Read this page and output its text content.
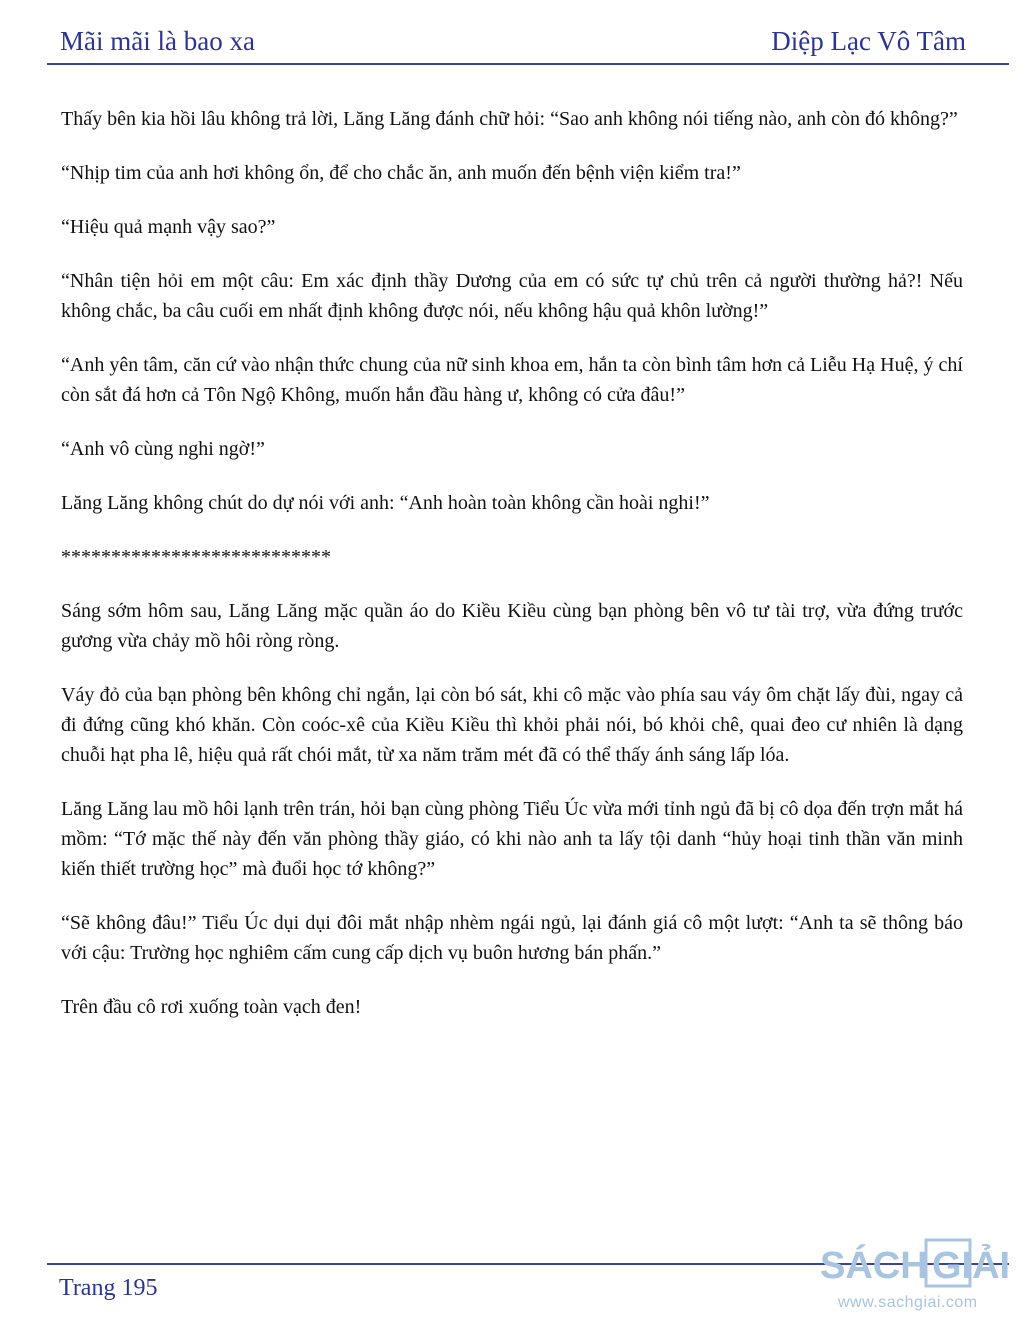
Mãi mãi là bao xa	Diệp Lạc Vô Tâm

Thấy bên kia hồi lâu không trả lời, Lăng Lăng đánh chữ hỏi: “Sao anh không nói tiếng nào, anh còn đó không?”

“Nhịp tim của anh hơi không ổn, để cho chắc ăn, anh muốn đến bệnh viện kiểm tra!”

“Hiệu quả mạnh vậy sao?”

“Nhân tiện hỏi em một câu: Em xác định thầy Dương của em có sức tự chủ trên cả người thường hả?! Nếu không chắc, ba câu cuối em nhất định không được nói, nếu không hậu quả khôn lường!”

“Anh yên tâm, căn cứ vào nhận thức chung của nữ sinh khoa em, hắn ta còn bình tâm hơn cả Liễu Hạ Huệ, ý chí còn sắt đá hơn cả Tôn Ngộ Không, muốn hắn đầu hàng ư, không có cửa đâu!”

“Anh vô cùng nghi ngờ!”

Lăng Lăng không chút do dự nói với anh: “Anh hoàn toàn không cần hoài nghi!”

***************************

Sáng sớm hôm sau, Lăng Lăng mặc quần áo do Kiều Kiều cùng bạn phòng bên vô tư tài trợ, vừa đứng trước gương vừa chảy mồ hôi ròng ròng.

Váy đỏ của bạn phòng bên không chỉ ngắn, lại còn bó sát, khi cô mặc vào phía sau váy ôm chặt lấy đùi, ngay cả đi đứng cũng khó khăn. Còn coóc-xê của Kiều Kiều thì khỏi phải nói, bó khỏi chê, quai đeo cư nhiên là dạng chuỗi hạt pha lê, hiệu quả rất chói mắt, từ xa năm trăm mét đã có thể thấy ánh sáng lấp lóa.

Lăng Lăng lau mồ hôi lạnh trên trán, hỏi bạn cùng phòng Tiểu Úc vừa mới tỉnh ngủ đã bị cô dọa đến trợn mắt há mồm: “Tớ mặc thế này đến văn phòng thầy giáo, có khi nào anh ta lấy tội danh “hủy hoại tinh thần văn minh kiến thiết trường học” mà đuổi học tớ không?”

“Sẽ không đâu!” Tiểu Úc dụi dụi đôi mắt nhập nhèm ngái ngủ, lại đánh giá cô một lượt: “Anh ta sẽ thông báo với cậu: Trường học nghiêm cấm cung cấp dịch vụ buôn hương bán phấn.”

Trên đầu cô rơi xuống toàn vạch đen!

Trang 195
SÁCH GIẢI
www.sachgiai.com
